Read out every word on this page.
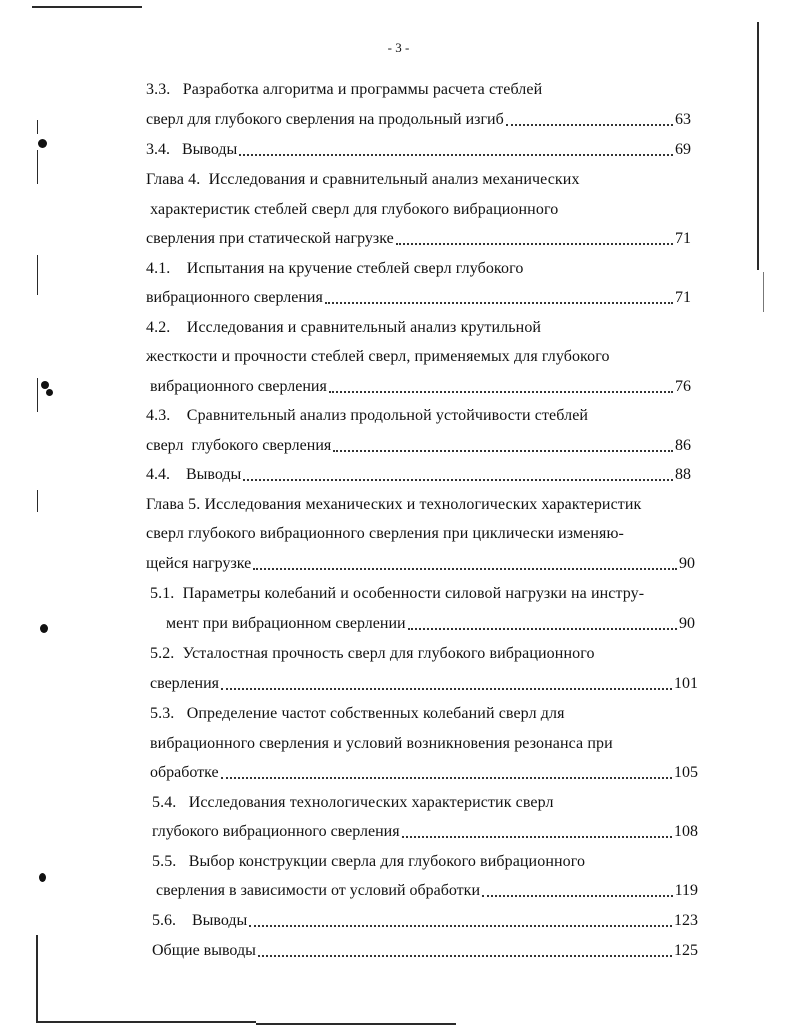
- 3 -
3.3.   Разработка алгоритма и программы расчета стеблей
сверл для глубокого сверления на продольный изгиб	63
3.4.   Выводы	69
Глава 4.  Исследования и сравнительный анализ механических
характеристик стеблей сверл для глубокого вибрационного
сверления при статической нагрузке	71
4.1.    Испытания на кручение стеблей сверл глубокого
вибрационного сверления	71
4.2.    Исследования и сравнительный анализ крутильной
жесткости и прочности стеблей сверл, применяемых для глубокого
вибрационного сверления	76
4.3.    Сравнительный анализ продольной устойчивости стеблей
сверл  глубокого сверления	86
4.4.    Выводы	88
Глава 5. Исследования механических и технологических характеристик
сверл глубокого вибрационного сверления при циклически изменяю-
щейся нагрузке	90
5.1.  Параметры колебаний и особенности силовой нагрузки на инстру-
мент при вибрационном сверлении	90
5.2.  Усталостная прочность сверл для глубокого вибрационного
сверления	101
5.3.   Определение частот собственных колебаний сверл для
вибрационного сверления и условий возникновения резонанса при
обработке	105
5.4.   Исследования технологических характеристик сверл
глубокого вибрационного сверления	108
5.5.   Выбор конструкции сверла для глубокого вибрационного
сверления в зависимости от условий обработки	119
5.6.    Выводы	123
Общие выводы	125
